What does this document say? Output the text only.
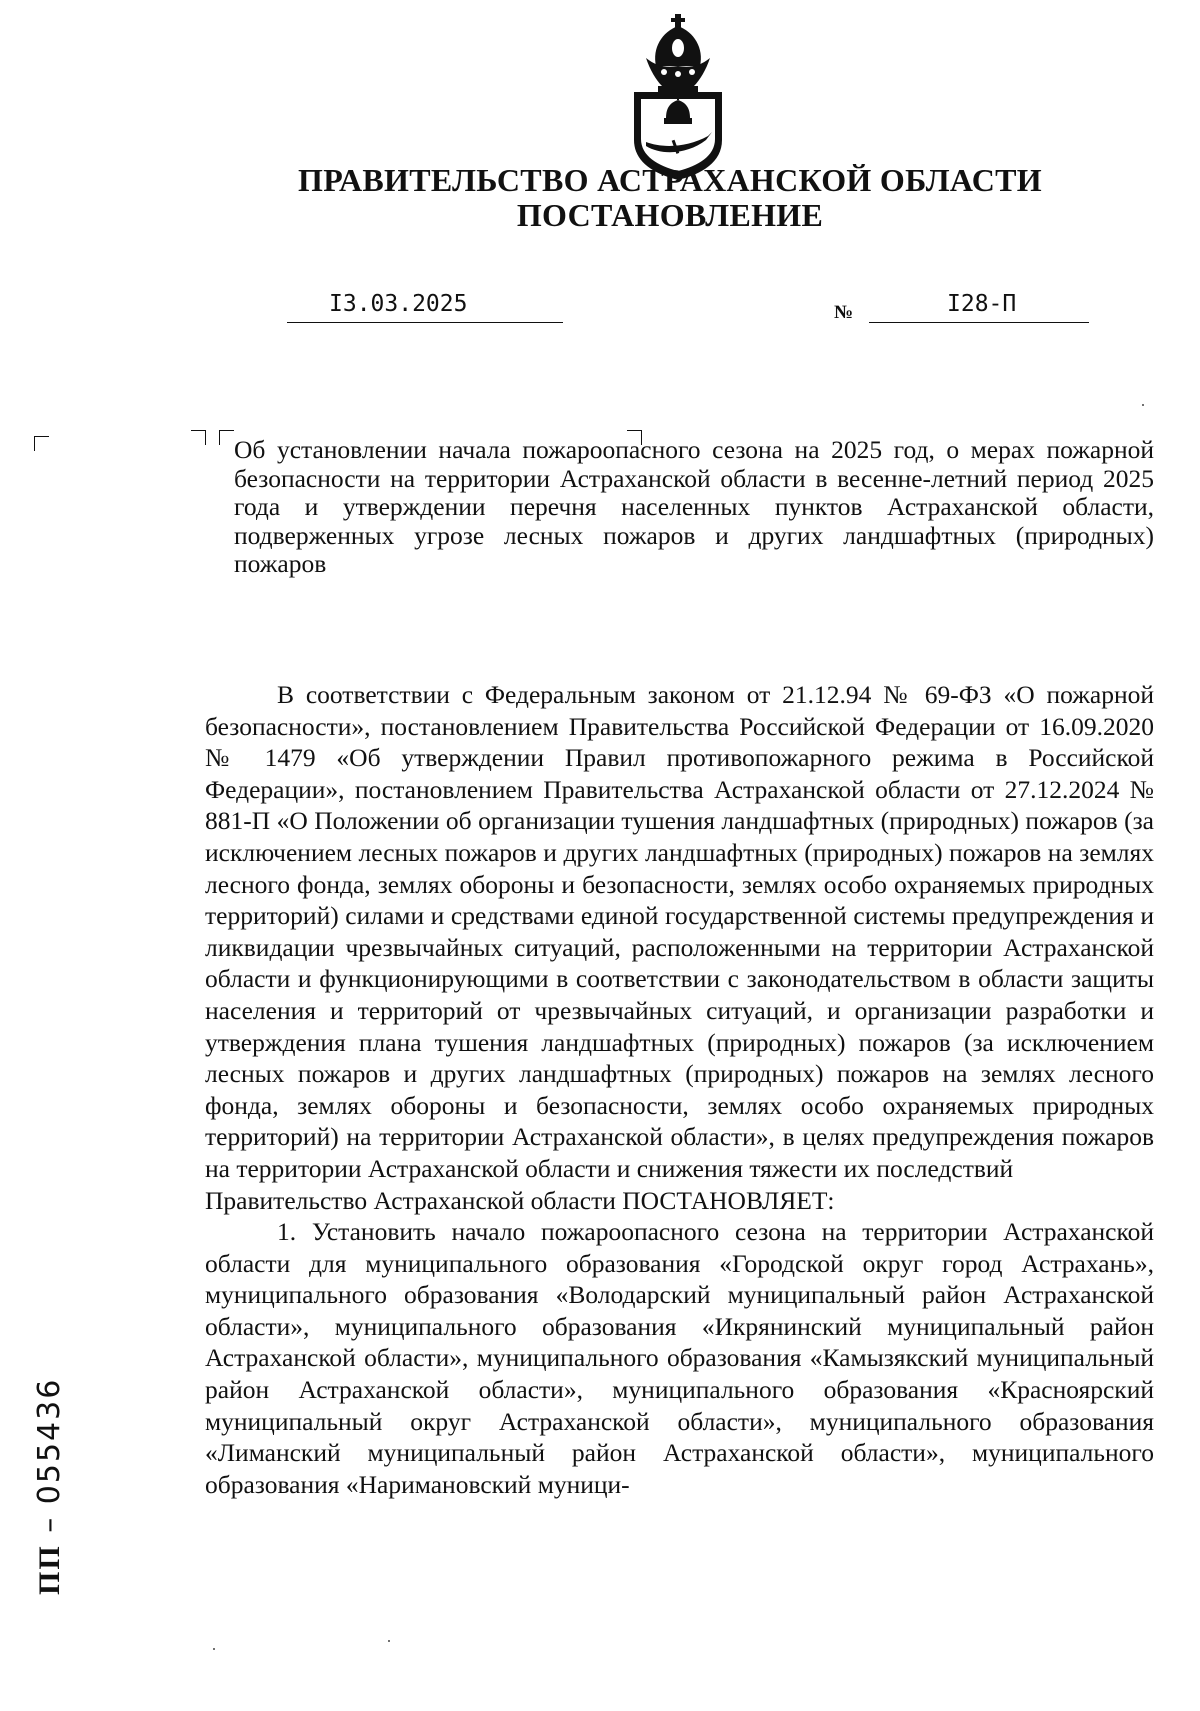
ПРАВИТЕЛЬСТВО АСТРАХАНСКОЙ ОБЛАСТИ
ПОСТАНОВЛЕНИЕ
I3.03.2025	№	I28-П

Об установлении начала пожароопасного сезона на 2025 год, о мерах пожарной безопасности на территории Астраханской области в весенне-летний период 2025 года и утверждении перечня населенных пунктов Астраханской области, подверженных угрозе лесных пожаров и других ландшафтных (природных) пожаров

В соответствии с Федеральным законом от 21.12.94 № 69-ФЗ «О пожарной безопасности», постановлением Правительства Российской Федерации от 16.09.2020 № 1479 «Об утверждении Правил противопожарного режима в Российской Федерации», постановлением Правительства Астраханской области от 27.12.2024 № 881-П «О Положении об организации тушения ландшафтных (природных) пожаров (за исключением лесных пожаров и других ландшафтных (природных) пожаров на землях лесного фонда, землях обороны и безопасности, землях особо охраняемых природных территорий) силами и средствами единой государственной системы предупреждения и ликвидации чрезвычайных ситуаций, расположенными на территории Астраханской области и функционирующими в соответствии с законодательством в области защиты населения и территорий от чрезвычайных ситуаций, и организации разработки и утверждения плана тушения ландшафтных (природных) пожаров (за исключением лесных пожаров и других ландшафтных (природных) пожаров на землях лесного фонда, землях обороны и безопасности, землях особо охраняемых природных территорий) на территории Астраханской области», в целях предупреждения пожаров на территории Астраханской области и снижения тяжести их последствий

Правительство Астраханской области ПОСТАНОВЛЯЕТ:

1. Установить начало пожароопасного сезона на территории Астраханской области для муниципального образования «Городской округ город Астрахань», муниципального образования «Володарский муниципальный район Астраханской области», муниципального образования «Икрянинский муниципальный район Астраханской области», муниципального образования «Камызякский муниципальный район Астраханской области», муниципального образования «Красноярский муниципальный округ Астраханской области», муниципального образования «Лиманский муниципальный район Астраханской области», муниципального образования «Наримановский муници-

ПП – 055436
